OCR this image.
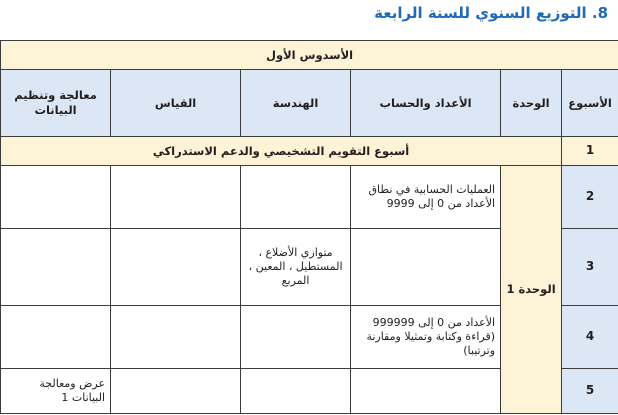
8. التوزيع السنوي للسنة الرابعة
الأسدوس الأول					
الأسبوع	الوحدة	الأعداد والحساب	الهندسة	القياس	معالجة وتنظيم البيانات
1	أسبوع التقويم التشخيصي والدعم الاستدراكي				
2	الوحدة 1	العمليات الحسابية في نطاق الأعداد من 0 إلى 9999			
3			متوازي الأضلاع ، المستطيل ، المعين ، المربع		
4		الأعداد من 0 إلى 999999 (قراءة وكتابة وتمثيلا ومقارنة وترتيبا)			
5					عرض ومعالجة البيانات 1
